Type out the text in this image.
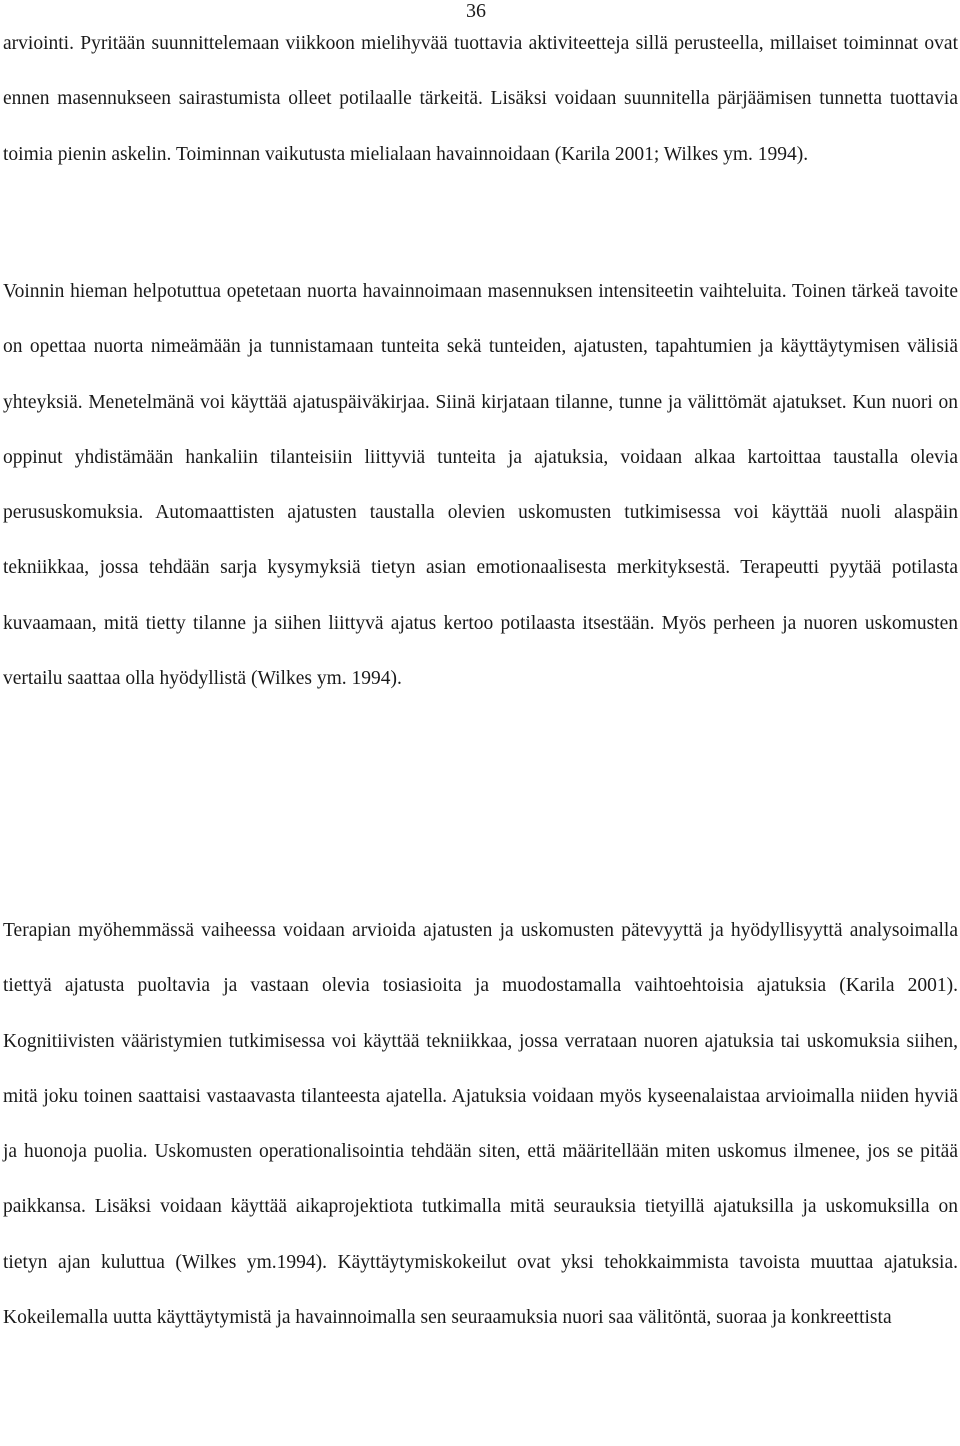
36

arviointi. Pyritään suunnittelemaan viikkoon mielihyvää tuottavia aktiviteetteja sillä perusteella, millaiset toiminnat ovat ennen masennukseen sairastumista olleet potilaalle tärkeitä. Lisäksi voidaan suunnitella pärjäämisen tunnetta tuottavia toimia pienin askelin. Toiminnan vaikutusta mielialaan havainnoidaan (Karila 2001; Wilkes ym. 1994).

Voinnin hieman helpotuttua opetetaan nuorta havainnoimaan masennuksen intensiteetin vaihteluita. Toinen tärkeä tavoite on opettaa nuorta nimeämään ja tunnistamaan tunteita sekä tunteiden, ajatusten, tapahtumien ja käyttäytymisen välisiä yhteyksiä. Menetelmänä voi käyttää ajatuspäiväkirjaa. Siinä kirjataan tilanne, tunne ja välittömät ajatukset. Kun nuori on oppinut yhdistämään hankaliin tilanteisiin liittyviä tunteita ja ajatuksia, voidaan alkaa kartoittaa taustalla olevia perususkomuksia. Automaattisten ajatusten taustalla olevien uskomusten tutkimisessa voi käyttää nuoli alaspäin tekniikkaa, jossa tehdään sarja kysymyksiä tietyn asian emotionaalisesta merkityksestä. Terapeutti pyytää potilasta kuvaamaan, mitä tietty tilanne ja siihen liittyvä ajatus kertoo potilaasta itsestään. Myös perheen ja nuoren uskomusten vertailu saattaa olla hyödyllistä (Wilkes ym. 1994).

Terapian myöhemmässä vaiheessa voidaan arvioida ajatusten ja uskomusten pätevyyttä ja hyödyllisyyttä analysoimalla tiettyä ajatusta puoltavia ja vastaan olevia tosiasioita ja muodostamalla vaihtoehtoisia ajatuksia (Karila 2001). Kognitiivisten vääristymien tutkimisessa voi käyttää tekniikkaa, jossa verrataan nuoren ajatuksia tai uskomuksia siihen, mitä joku toinen saattaisi vastaavasta tilanteesta ajatella. Ajatuksia voidaan myös kyseenalaistaa arvioimalla niiden hyviä ja huonoja puolia. Uskomusten operationalisointia tehdään siten, että määritellään miten uskomus ilmenee, jos se pitää paikkansa. Lisäksi voidaan käyttää aikaprojektiota tutkimalla mitä seurauksia tietyillä ajatuksilla ja uskomuksilla on tietyn ajan kuluttua (Wilkes ym.1994). Käyttäytymiskokeilut ovat yksi tehokkaimmista tavoista muuttaa ajatuksia. Kokeilemalla uutta käyttäytymistä ja havainnoimalla sen seuraamuksia nuori saa välitöntä, suoraa ja konkreettista
